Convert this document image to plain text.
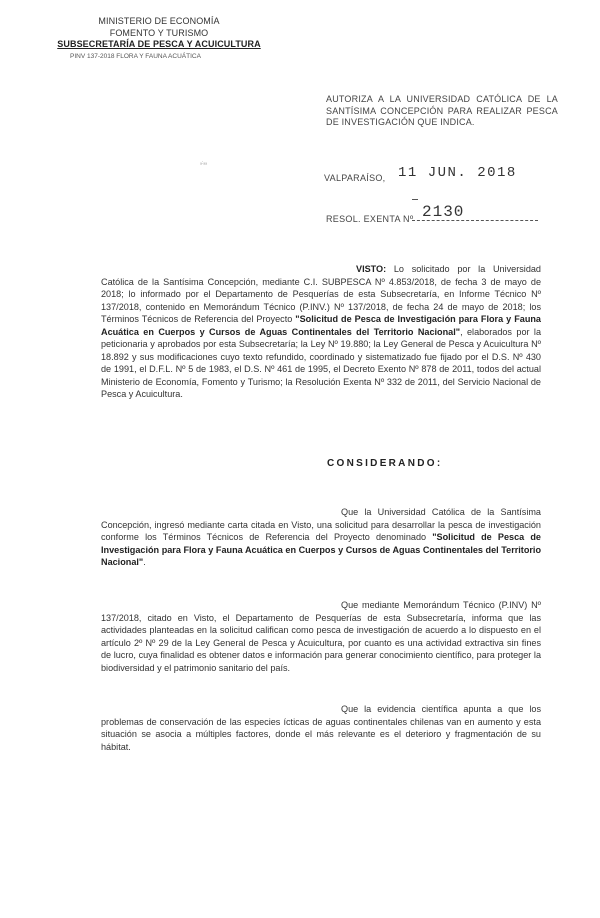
MINISTERIO DE ECONOMÍA
FOMENTO Y TURISMO
SUBSECRETARÍA DE PESCA Y ACUICULTURA
PINV 137-2018 FLORA Y FAUNA ACUÁTICA
AUTORIZA A LA UNIVERSIDAD CATÓLICA DE LA SANTÍSIMA CONCEPCIÓN PARA REALIZAR PESCA DE INVESTIGACIÓN QUE INDICA.
ₐ:ₐₐ
VALPARAÍSO, 11 JUN. 2018
RESOL. EXENTA Nº 2130
VISTO: Lo solicitado por la Universidad Católica de la Santísima Concepción, mediante C.I. SUBPESCA Nº 4.853/2018, de fecha 3 de mayo de 2018; lo informado por el Departamento de Pesquerías de esta Subsecretaría, en Informe Técnico Nº 137/2018, contenido en Memorándum Técnico (P.INV.) Nº 137/2018, de fecha 24 de mayo de 2018; los Términos Técnicos de Referencia del Proyecto "Solicitud de Pesca de Investigación para Flora y Fauna Acuática en Cuerpos y Cursos de Aguas Continentales del Territorio Nacional", elaborados por la peticionaria y aprobados por esta Subsecretaría; la Ley Nº 19.880; la Ley General de Pesca y Acuicultura Nº 18.892 y sus modificaciones cuyo texto refundido, coordinado y sistematizado fue fijado por el D.S. Nº 430 de 1991, el D.F.L. Nº 5 de 1983, el D.S. Nº 461 de 1995, el Decreto Exento Nº 878 de 2011, todos del actual Ministerio de Economía, Fomento y Turismo; la Resolución Exenta Nº 332 de 2011, del Servicio Nacional de Pesca y Acuicultura.
CONSIDERANDO:
Que la Universidad Católica de la Santísima Concepción, ingresó mediante carta citada en Visto, una solicitud para desarrollar la pesca de investigación conforme los Términos Técnicos de Referencia del Proyecto denominado "Solicitud de Pesca de Investigación para Flora y Fauna Acuática en Cuerpos y Cursos de Aguas Continentales del Territorio Nacional".
Que mediante Memorándum Técnico (P.INV) Nº 137/2018, citado en Visto, el Departamento de Pesquerías de esta Subsecretaría, informa que las actividades planteadas en la solicitud califican como pesca de investigación de acuerdo a lo dispuesto en el artículo 2º Nº 29 de la Ley General de Pesca y Acuicultura, por cuanto es una actividad extractiva sin fines de lucro, cuya finalidad es obtener datos e información para generar conocimiento científico, para proteger la biodiversidad y el patrimonio sanitario del país.
Que la evidencia científica apunta a que los problemas de conservación de las especies ícticas de aguas continentales chilenas van en aumento y esta situación se asocia a múltiples factores, donde el más relevante es el deterioro y fragmentación de su hábitat.
